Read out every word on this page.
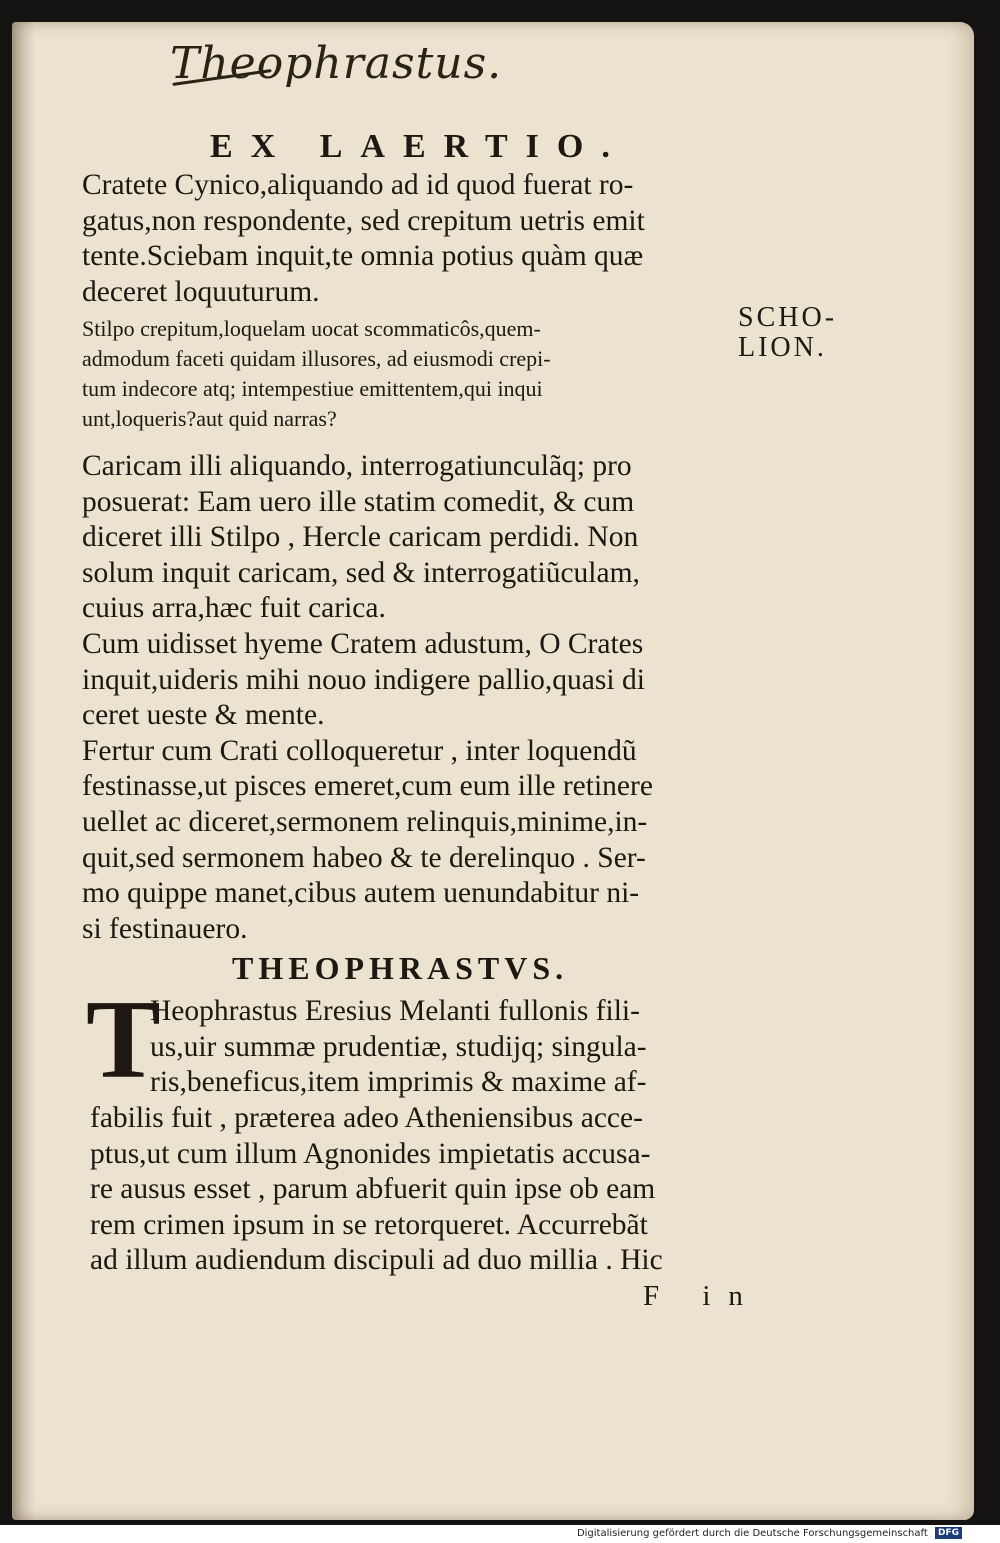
Theophrastus.

EX LAERTIO.
Cratete Cynico,aliquando ad id quod fuerat ro-
gatus,non respondente, sed crepitum uetris emit
tente.Sciebam inquit,te omnia potius quàm quæ
deceret loquuturum.
Stilpo crepitum,loquelam uocat scommaticôs,quem-
admodum faceti quidam illusores, ad eiusmodi crepi-
tum indecore atq; intempestiue emittentem,qui inqui
unt,loqueris?aut quid narras?
SCHO-
LION.
Caricam illi aliquando, interrogatiunculãq; pro
posuerat: Eam uero ille statim comedit, & cum
diceret illi Stilpo , Hercle caricam perdidi. Non
solum inquit caricam, sed & interrogatiũculam,
cuius arra,hæc fuit carica.
Cum uidisset hyeme Cratem adustum, O Crates
inquit,uideris mihi nouo indigere pallio,quasi di
ceret ueste & mente.
Fertur cum Crati colloqueretur , inter loquendũ
festinasse,ut pisces emeret,cum eum ille retinere
uellet ac diceret,sermonem relinquis,minime,in-
quit,sed sermonem habeo & te derelinquo . Ser-
mo quippe manet,cibus autem uenundabitur ni-
si festinauero.
THEOPHRASTVS.
T
Heophrastus Eresius Melanti fullonis fili-
us,uir summæ prudentiæ, studijq; singula-
ris,beneficus,item imprimis & maxime af-
fabilis fuit , præterea adeo Atheniensibus acce-
ptus,ut cum illum Agnonides impietatis accusa-
re ausus esset , parum abfuerit quin ipse ob eam
rem crimen ipsum in se retorqueret. Accurrebãt
ad illum audiendum discipuli ad duo millia . Hic

F in

Digitalisierung gefördert durch die Deutsche Forschungsgemeinschaft DFG
